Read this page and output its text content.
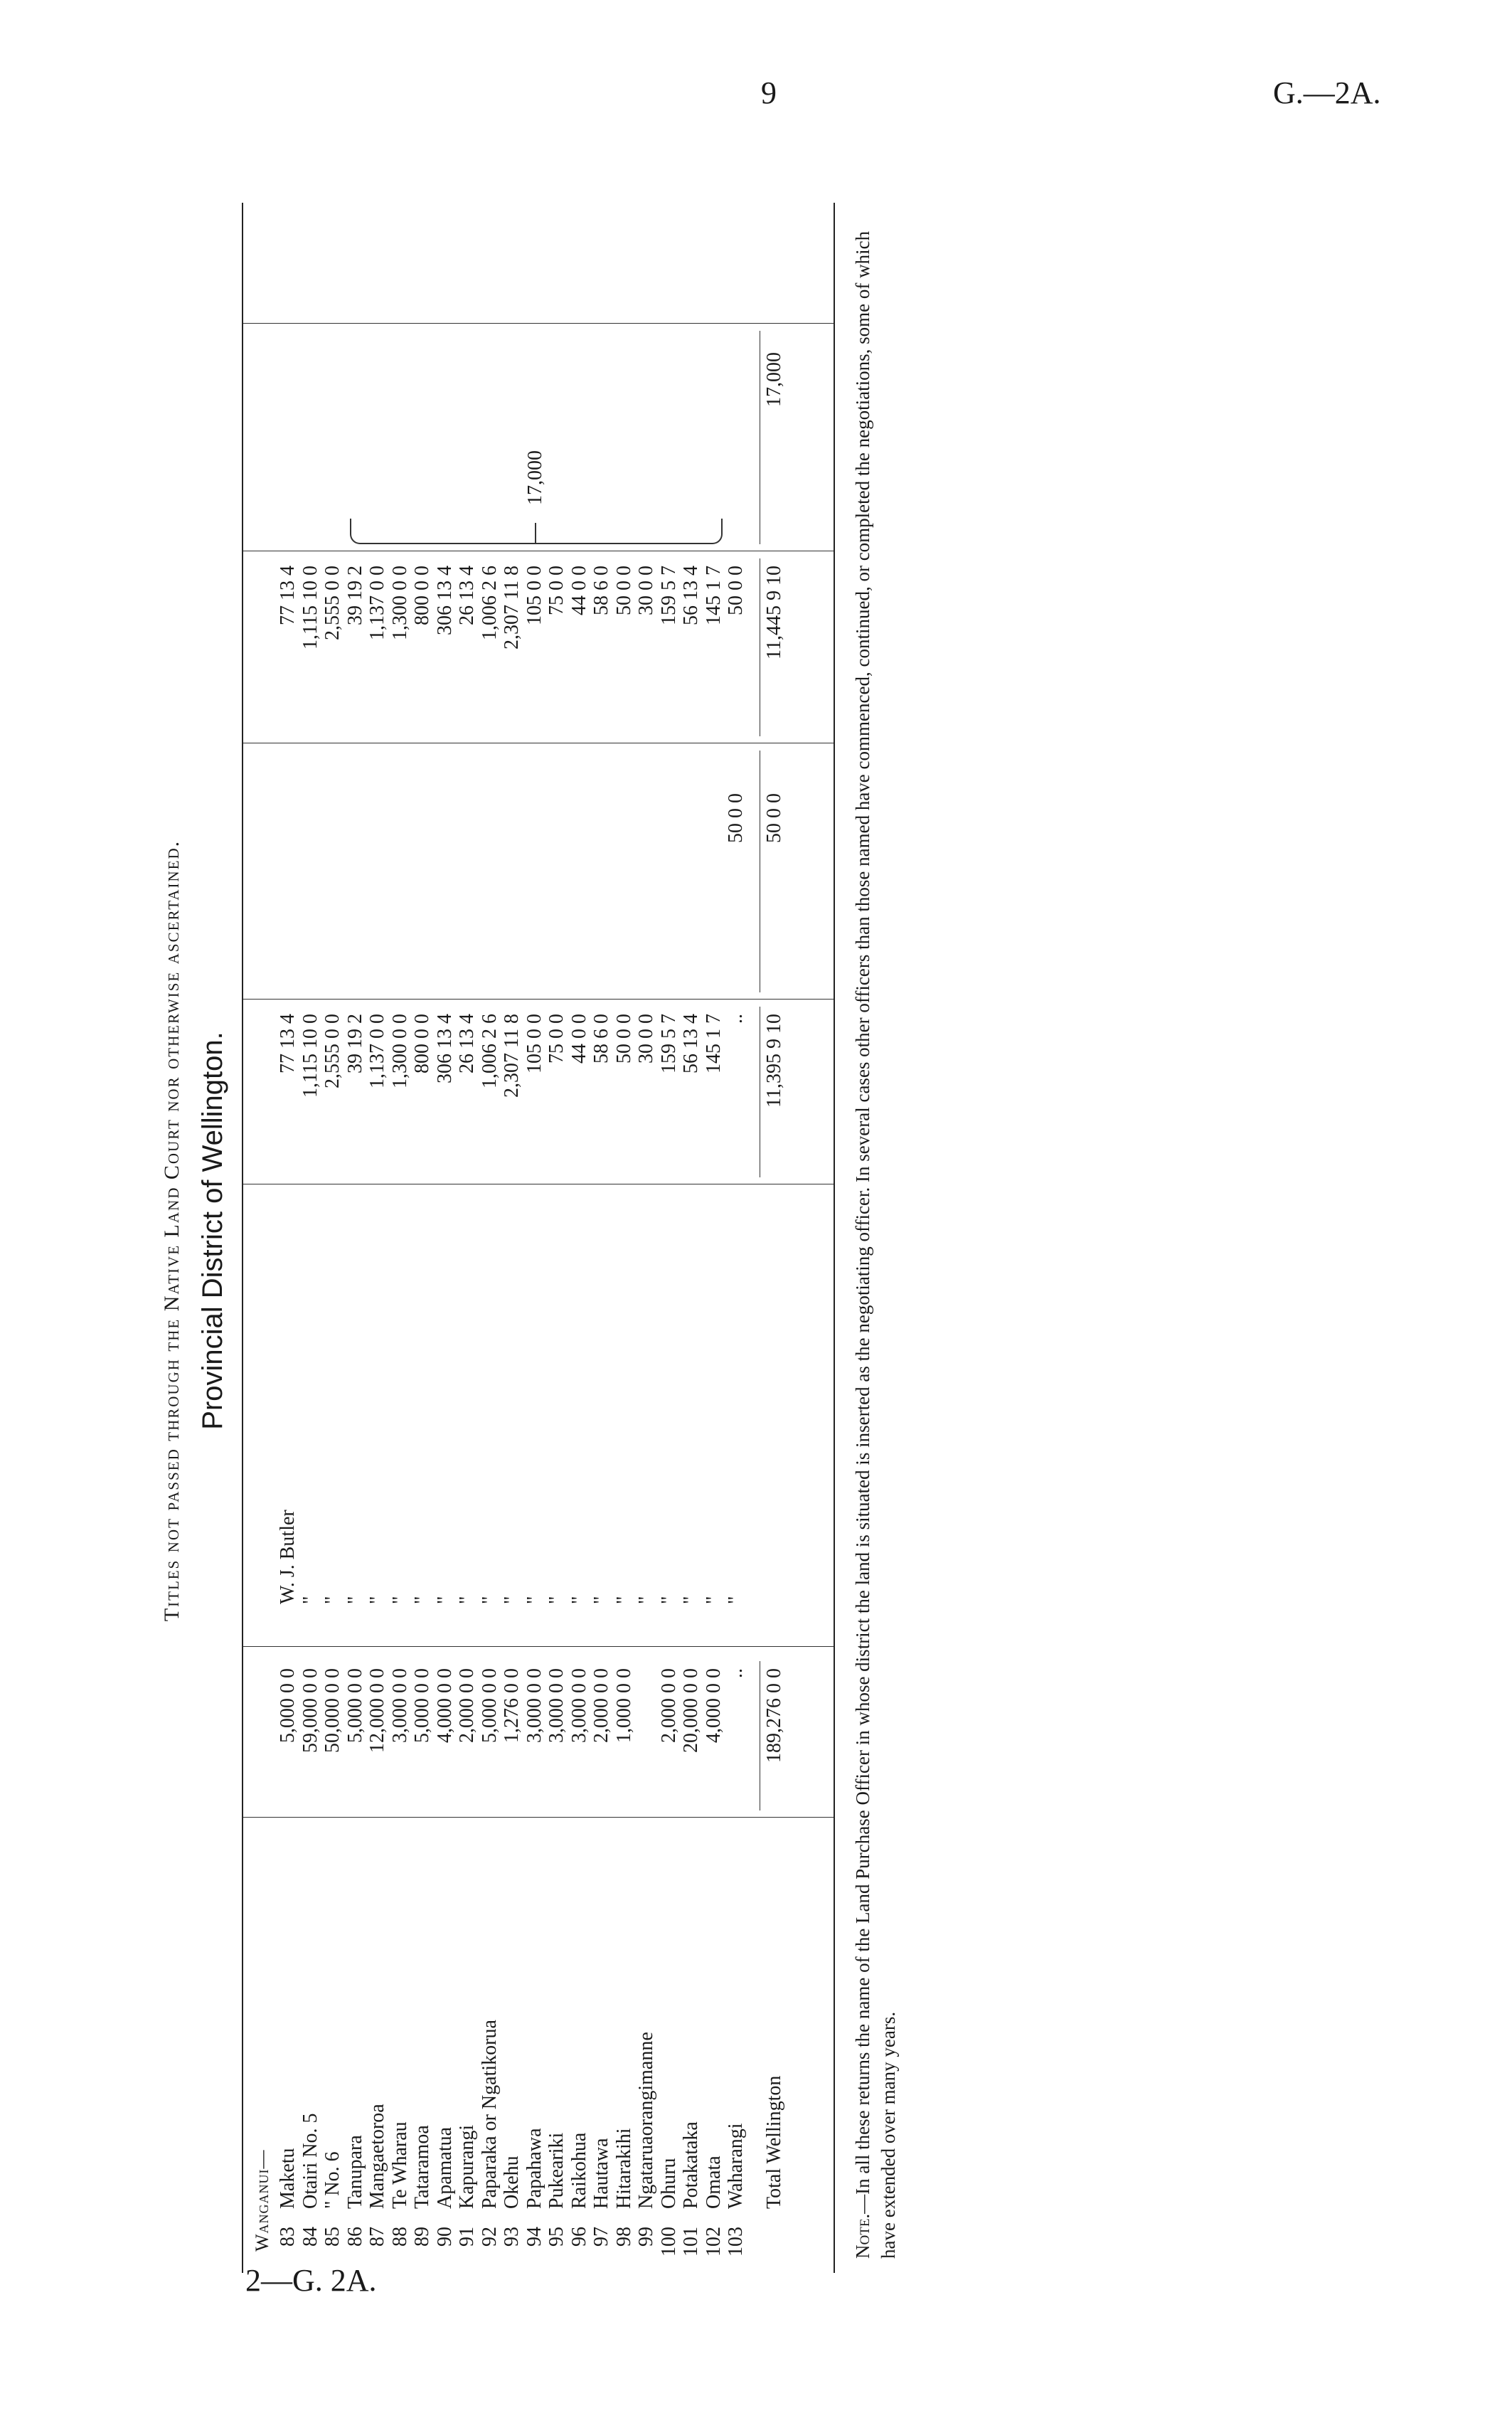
9	G.—2A.
2—G. 2A.
Titles not passed through the Native Land Court nor otherwise ascertained. Provincial District of Wellington.
Wanganui—
17,000
83
Maketu
5,000 0 0
W. J. Butler
77 13 4
77 13 4
84
Otairi No. 5
59,000 0 0
"
1,115 10 0
1,115 10 0
85
" No. 6
50,000 0 0
"
2,555 0 0
2,555 0 0
86
Tanupara
5,000 0 0
"
39 19 2
39 19 2
87
Mangaetoroa
12,000 0 0
"
1,137 0 0
1,137 0 0
88
Te Wharau
3,000 0 0
"
1,300 0 0
1,300 0 0
89
Tataramoa
5,000 0 0
"
800 0 0
800 0 0
90
Apamatua
4,000 0 0
"
306 13 4
306 13 4
91
Kapurangi
2,000 0 0
"
26 13 4
26 13 4
92
Paparaka or Ngatikorua
5,000 0 0
"
1,006 2 6
1,006 2 6
93
Okehu
1,276 0 0
"
2,307 11 8
2,307 11 8
94
Papahawa
3,000 0 0
"
105 0 0
105 0 0
95
Pukeariki
3,000 0 0
"
75 0 0
75 0 0
96
Raikohua
3,000 0 0
"
44 0 0
44 0 0
97
Hautawa
2,000 0 0
"
58 6 0
58 6 0
98
Hitarakihi
1,000 0 0
"
50 0 0
50 0 0
99
Ngataruaorangimanne
"
30 0 0
30 0 0
100
Ohuru
2,000 0 0
"
159 5 7
159 5 7
101
Potakataka
20,000 0 0
"
56 13 4
56 13 4
102
Omata
4,000 0 0
"
145 1 7
145 1 7
103
Waharangi
..
"
..
50 0 0
50 0 0
Total Wellington
189,276 0 0
11,395 9 10
50 0 0
11,445 9 10
17,000
Note.—In all these returns the name of the Land Purchase Officer in whose district the land is situated is inserted as the negotiating officer. In several cases other officers than those named have commenced, continued, or completed the negotiations, some of which have extended over many years.
